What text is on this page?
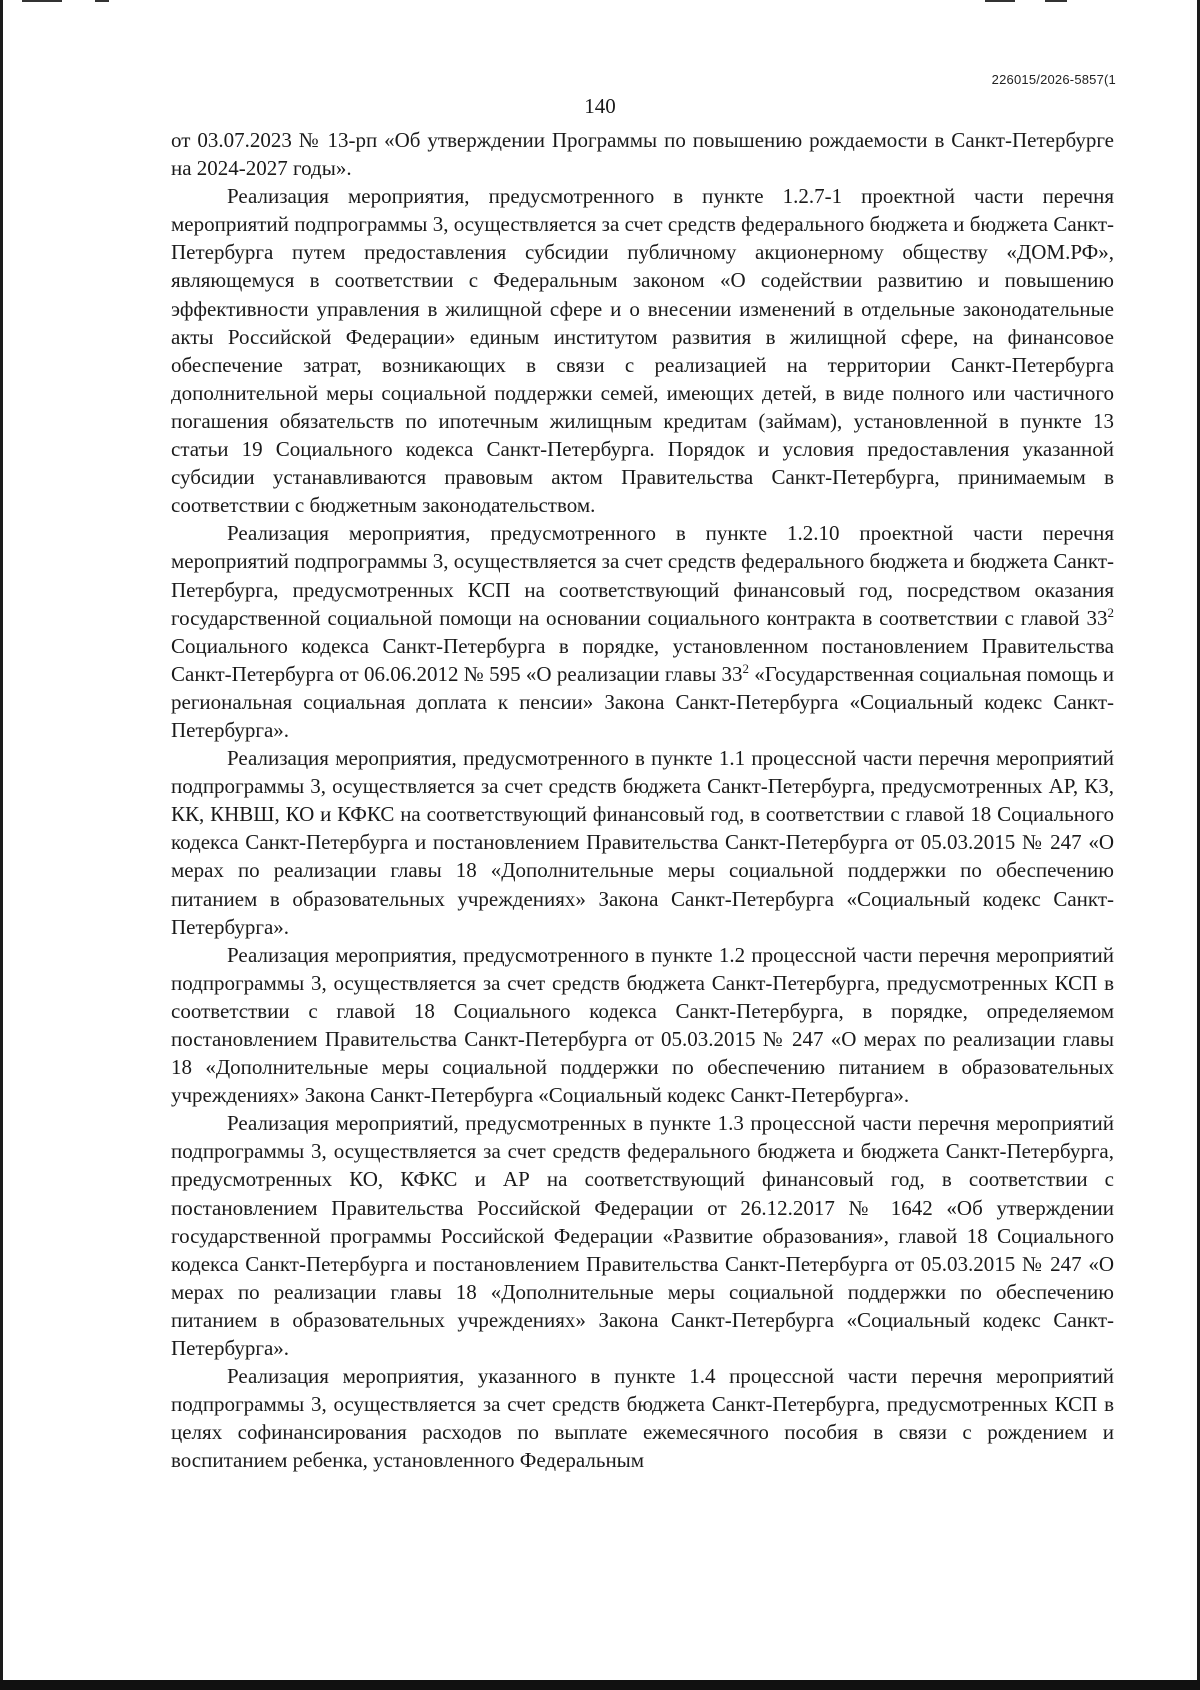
226015/2026-5857(1
140

от 03.07.2023 № 13-рп «Об утверждении Программы по повышению рождаемости в Санкт-Петербурге на 2024-2027 годы».

Реализация мероприятия, предусмотренного в пункте 1.2.7-1 проектной части перечня мероприятий подпрограммы 3, осуществляется за счет средств федерального бюджета и бюджета Санкт-Петербурга путем предоставления субсидии публичному акционерному обществу «ДОМ.РФ», являющемуся в соответствии с Федеральным законом «О содействии развитию и повышению эффективности управления в жилищной сфере и о внесении изменений в отдельные законодательные акты Российской Федерации» единым институтом развития в жилищной сфере, на финансовое обеспечение затрат, возникающих в связи с реализацией на территории Санкт-Петербурга дополнительной меры социальной поддержки семей, имеющих детей, в виде полного или частичного погашения обязательств по ипотечным жилищным кредитам (займам), установленной в пункте 13 статьи 19 Социального кодекса Санкт-Петербурга. Порядок и условия предоставления указанной субсидии устанавливаются правовым актом Правительства Санкт-Петербурга, принимаемым в соответствии с бюджетным законодательством.

Реализация мероприятия, предусмотренного в пункте 1.2.10 проектной части перечня мероприятий подпрограммы 3, осуществляется за счет средств федерального бюджета и бюджета Санкт-Петербурга, предусмотренных КСП на соответствующий финансовый год, посредством оказания государственной социальной помощи на основании социального контракта в соответствии с главой $33^2$ Социального кодекса Санкт-Петербурга в порядке, установленном постановлением Правительства Санкт-Петербурга от 06.06.2012 № 595 «О реализации главы $33^2$ «Государственная социальная помощь и региональная социальная доплата к пенсии» Закона Санкт-Петербурга «Социальный кодекс Санкт-Петербурга».

Реализация мероприятия, предусмотренного в пункте 1.1 процессной части перечня мероприятий подпрограммы 3, осуществляется за счет средств бюджета Санкт-Петербурга, предусмотренных АР, КЗ, КК, КНВШ, КО и КФКС на соответствующий финансовый год, в соответствии с главой 18 Социального кодекса Санкт-Петербурга и постановлением Правительства Санкт-Петербурга от 05.03.2015 № 247 «О мерах по реализации главы 18 «Дополнительные меры социальной поддержки по обеспечению питанием в образовательных учреждениях» Закона Санкт-Петербурга «Социальный кодекс Санкт-Петербурга».

Реализация мероприятия, предусмотренного в пункте 1.2 процессной части перечня мероприятий подпрограммы 3, осуществляется за счет средств бюджета Санкт-Петербурга, предусмотренных КСП в соответствии с главой 18 Социального кодекса Санкт-Петербурга, в порядке, определяемом постановлением Правительства Санкт-Петербурга от 05.03.2015 № 247 «О мерах по реализации главы 18 «Дополнительные меры социальной поддержки по обеспечению питанием в образовательных учреждениях» Закона Санкт-Петербурга «Социальный кодекс Санкт-Петербурга».

Реализация мероприятий, предусмотренных в пункте 1.3 процессной части перечня мероприятий подпрограммы 3, осуществляется за счет средств федерального бюджета и бюджета Санкт-Петербурга, предусмотренных КО, КФКС и АР на соответствующий финансовый год, в соответствии с постановлением Правительства Российской Федерации от 26.12.2017 № 1642 «Об утверждении государственной программы Российской Федерации «Развитие образования», главой 18 Социального кодекса Санкт-Петербурга и постановлением Правительства Санкт-Петербурга от 05.03.2015 № 247 «О мерах по реализации главы 18 «Дополнительные меры социальной поддержки по обеспечению питанием в образовательных учреждениях» Закона Санкт-Петербурга «Социальный кодекс Санкт-Петербурга».

Реализация мероприятия, указанного в пункте 1.4 процессной части перечня мероприятий подпрограммы 3, осуществляется за счет средств бюджета Санкт-Петербурга, предусмотренных КСП в целях софинансирования расходов по выплате ежемесячного пособия в связи с рождением и воспитанием ребенка, установленного Федеральным
